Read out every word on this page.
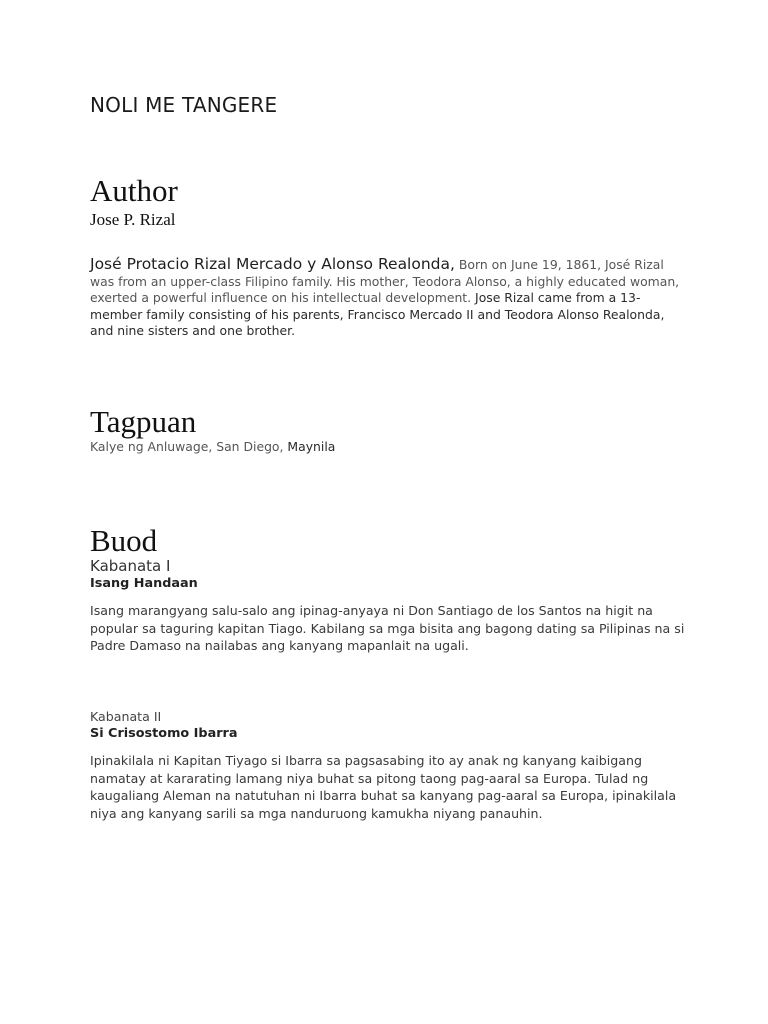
NOLI ME TANGERE
Author
Jose P. Rizal
José Protacio Rizal Mercado y Alonso Realonda, Born on June 19, 1861, José Rizal was from an upper-class Filipino family. His mother, Teodora Alonso, a highly educated woman, exerted a powerful influence on his intellectual development. Jose Rizal came from a 13-member family consisting of his parents, Francisco Mercado II and Teodora Alonso Realonda, and nine sisters and one brother.
Tagpuan
Kalye ng Anluwage, San Diego, Maynila
Buod
Kabanata I
Isang Handaan
Isang marangyang salu-salo ang ipinag-anyaya ni Don Santiago de los Santos na higit na popular sa taguring kapitan Tiago. Kabilang sa mga bisita ang bagong dating sa Pilipinas na si Padre Damaso na nailabas ang kanyang mapanlait na ugali.
Kabanata II
Si Crisostomo Ibarra
Ipinakilala ni Kapitan Tiyago si Ibarra sa pagsasabing ito ay anak ng kanyang kaibigang namatay at kararating lamang niya buhat sa pitong taong pag-aaral sa Europa. Tulad ng kaugaliang Aleman na natutuhan ni Ibarra buhat sa kanyang pag-aaral sa Europa, ipinakilala niya ang kanyang sarili sa mga nanduruong kamukha niyang panauhin.
